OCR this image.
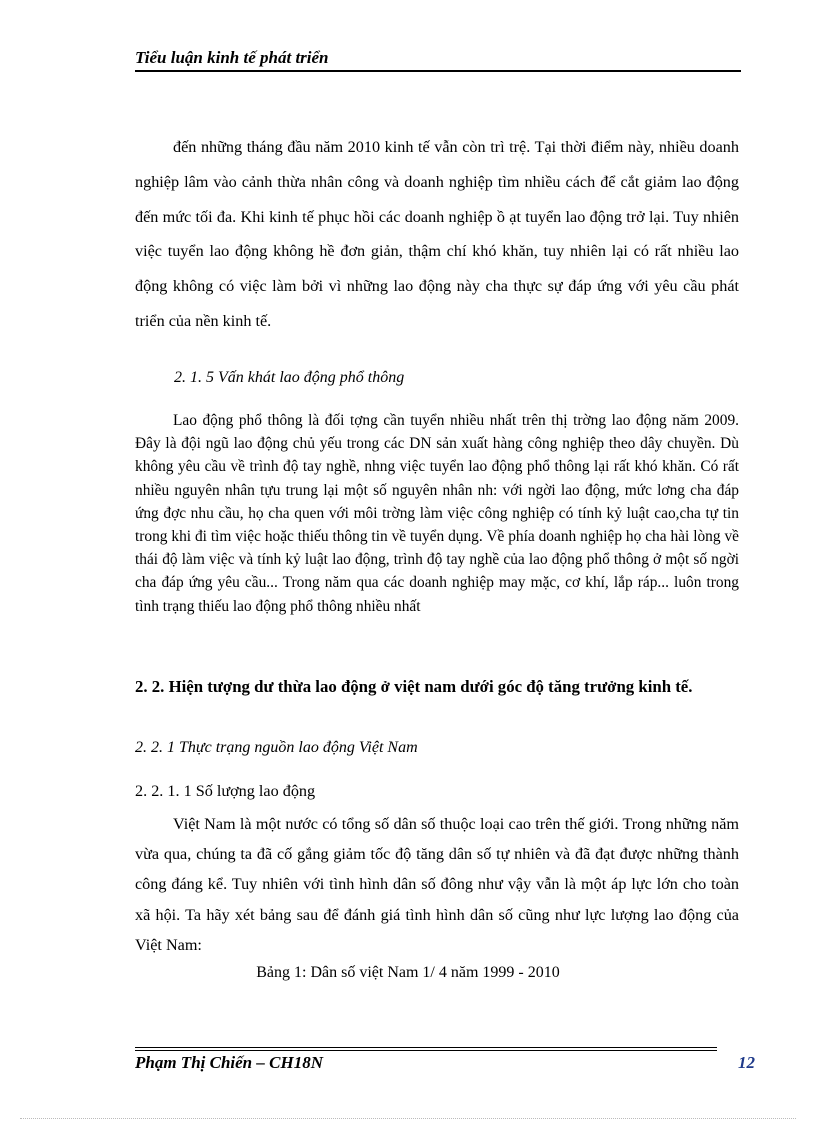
Tiểu luận kinh tế phát triển
đến những tháng đầu năm 2010 kinh tế vẫn còn trì trệ. Tại thời điểm này, nhiều doanh nghiệp lâm vào cảnh thừa nhân công và doanh nghiệp tìm nhiều cách để cắt giảm lao động đến mức tối đa. Khi kinh tế phục hồi các doanh nghiệp ồ ạt tuyển lao động trở lại. Tuy nhiên việc tuyển lao động không hề đơn giản, thậm chí khó khăn, tuy nhiên lại có rất nhiều lao động không có việc làm bởi vì những lao động này cha thực sự đáp ứng với yêu cầu phát triển của nền kinh tế.
2. 1. 5 Vấn khát lao động phổ thông
Lao động phổ thông là đối tợng cần tuyển nhiều nhất trên thị trờng lao động năm 2009. Đây là đội ngũ lao động chủ yếu trong các DN sản xuất hàng công nghiệp theo dây chuyền. Dù không yêu cầu về trình độ tay nghề, nhng việc tuyển lao động phổ thông lại rất khó khăn. Có rất nhiều nguyên nhân tựu trung lại một số nguyên nhân nh: với ngời lao động, mức lơng cha đáp ứng đợc nhu cầu, họ cha quen với môi trờng làm việc công nghiệp có tính kỷ luật cao,cha tự tin trong khi đi tìm việc hoặc thiếu thông tin về tuyển dụng. Về phía doanh nghiệp họ cha hài lòng về thái độ làm việc và tính kỷ luật lao động, trình độ tay nghề của lao động phổ thông ở một số ngời cha đáp ứng yêu cầu... Trong năm qua các doanh nghiệp may mặc, cơ khí, lắp ráp... luôn trong tình trạng thiếu lao động phổ thông nhiều nhất
2. 2. Hiện tượng dư thừa lao động ở việt nam dưới góc độ tăng trưởng kinh tế.
2. 2. 1 Thực trạng nguồn lao động Việt Nam
2. 2. 1. 1 Số lượng lao động
Việt Nam là một nước có tổng số dân số thuộc loại cao trên thế giới. Trong những năm vừa qua, chúng ta đã cố gắng giảm tốc độ tăng dân số tự nhiên và đã đạt được những thành công đáng kể. Tuy nhiên với tình hình dân số đông như vậy vẫn là một áp lực lớn cho toàn xã hội. Ta hãy xét bảng sau để đánh giá tình hình dân số cũng như lực lượng lao động của Việt Nam:
Bảng 1: Dân số việt Nam 1/ 4 năm 1999 - 2010
Phạm Thị Chiến – CH18N	12
